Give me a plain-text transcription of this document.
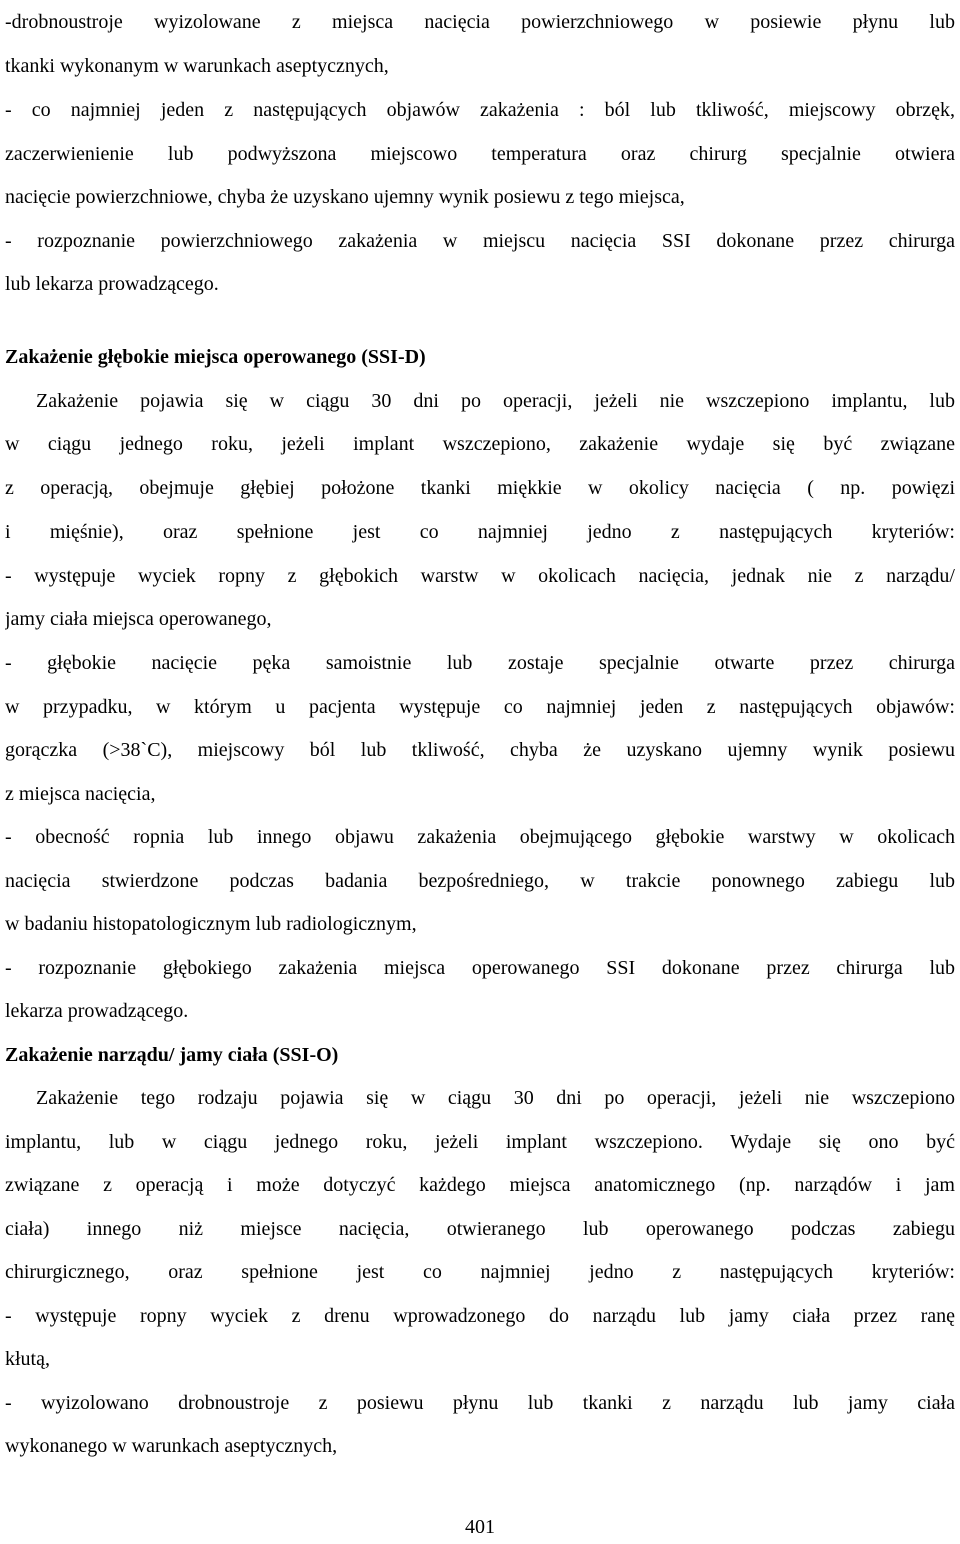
-drobnoustroje wyizolowane z miejsca nacięcia powierzchniowego w posiewie płynu lub
tkanki wykonanym w warunkach aseptycznych,
- co najmniej jeden z następujących objawów zakażenia : ból lub tkliwość, miejscowy obrzęk,
zaczerwienienie lub podwyższona miejscowo temperatura oraz chirurg specjalnie otwiera
nacięcie powierzchniowe, chyba że uzyskano ujemny wynik posiewu z tego miejsca,
- rozpoznanie powierzchniowego zakażenia w miejscu nacięcia SSI dokonane przez chirurga
lub lekarza prowadzącego.
Zakażenie głębokie miejsca operowanego (SSI-D)
Zakażenie pojawia się w ciągu 30 dni po operacji, jeżeli nie wszczepiono implantu, lub
w ciągu jednego roku, jeżeli implant wszczepiono, zakażenie wydaje się być związane
z operacją, obejmuje głębiej położone tkanki miękkie w okolicy nacięcia ( np. powięzi
i mięśnie), oraz spełnione jest co najmniej jedno z następujących kryteriów:
- występuje wyciek ropny z głębokich warstw w okolicach nacięcia, jednak nie z narządu/
jamy ciała miejsca operowanego,
- głębokie nacięcie pęka samoistnie lub zostaje specjalnie otwarte przez chirurga
w przypadku, w którym u pacjenta występuje co najmniej jeden z następujących objawów:
gorączka (>38`C), miejscowy ból lub tkliwość, chyba że uzyskano ujemny wynik posiewu
z miejsca nacięcia,
- obecność ropnia lub innego objawu zakażenia obejmującego głębokie warstwy w okolicach
nacięcia stwierdzone podczas badania bezpośredniego, w trakcie ponownego zabiegu lub
w badaniu histopatologicznym lub radiologicznym,
- rozpoznanie głębokiego zakażenia miejsca operowanego SSI dokonane przez chirurga lub
lekarza prowadzącego.
Zakażenie narządu/ jamy ciała (SSI-O)
Zakażenie tego rodzaju pojawia się w ciągu 30 dni po operacji, jeżeli nie wszczepiono
implantu, lub w ciągu jednego roku, jeżeli implant wszczepiono. Wydaje się ono być
związane z operacją i może dotyczyć każdego miejsca anatomicznego (np. narządów i jam
ciała) innego niż miejsce nacięcia, otwieranego lub operowanego podczas zabiegu
chirurgicznego, oraz spełnione jest co najmniej jedno z następujących kryteriów:
- występuje ropny wyciek z drenu wprowadzonego do narządu lub jamy ciała przez ranę
kłutą,
- wyizolowano drobnoustroje z posiewu płynu lub tkanki z narządu lub jamy ciała
wykonanego w warunkach aseptycznych,
401
